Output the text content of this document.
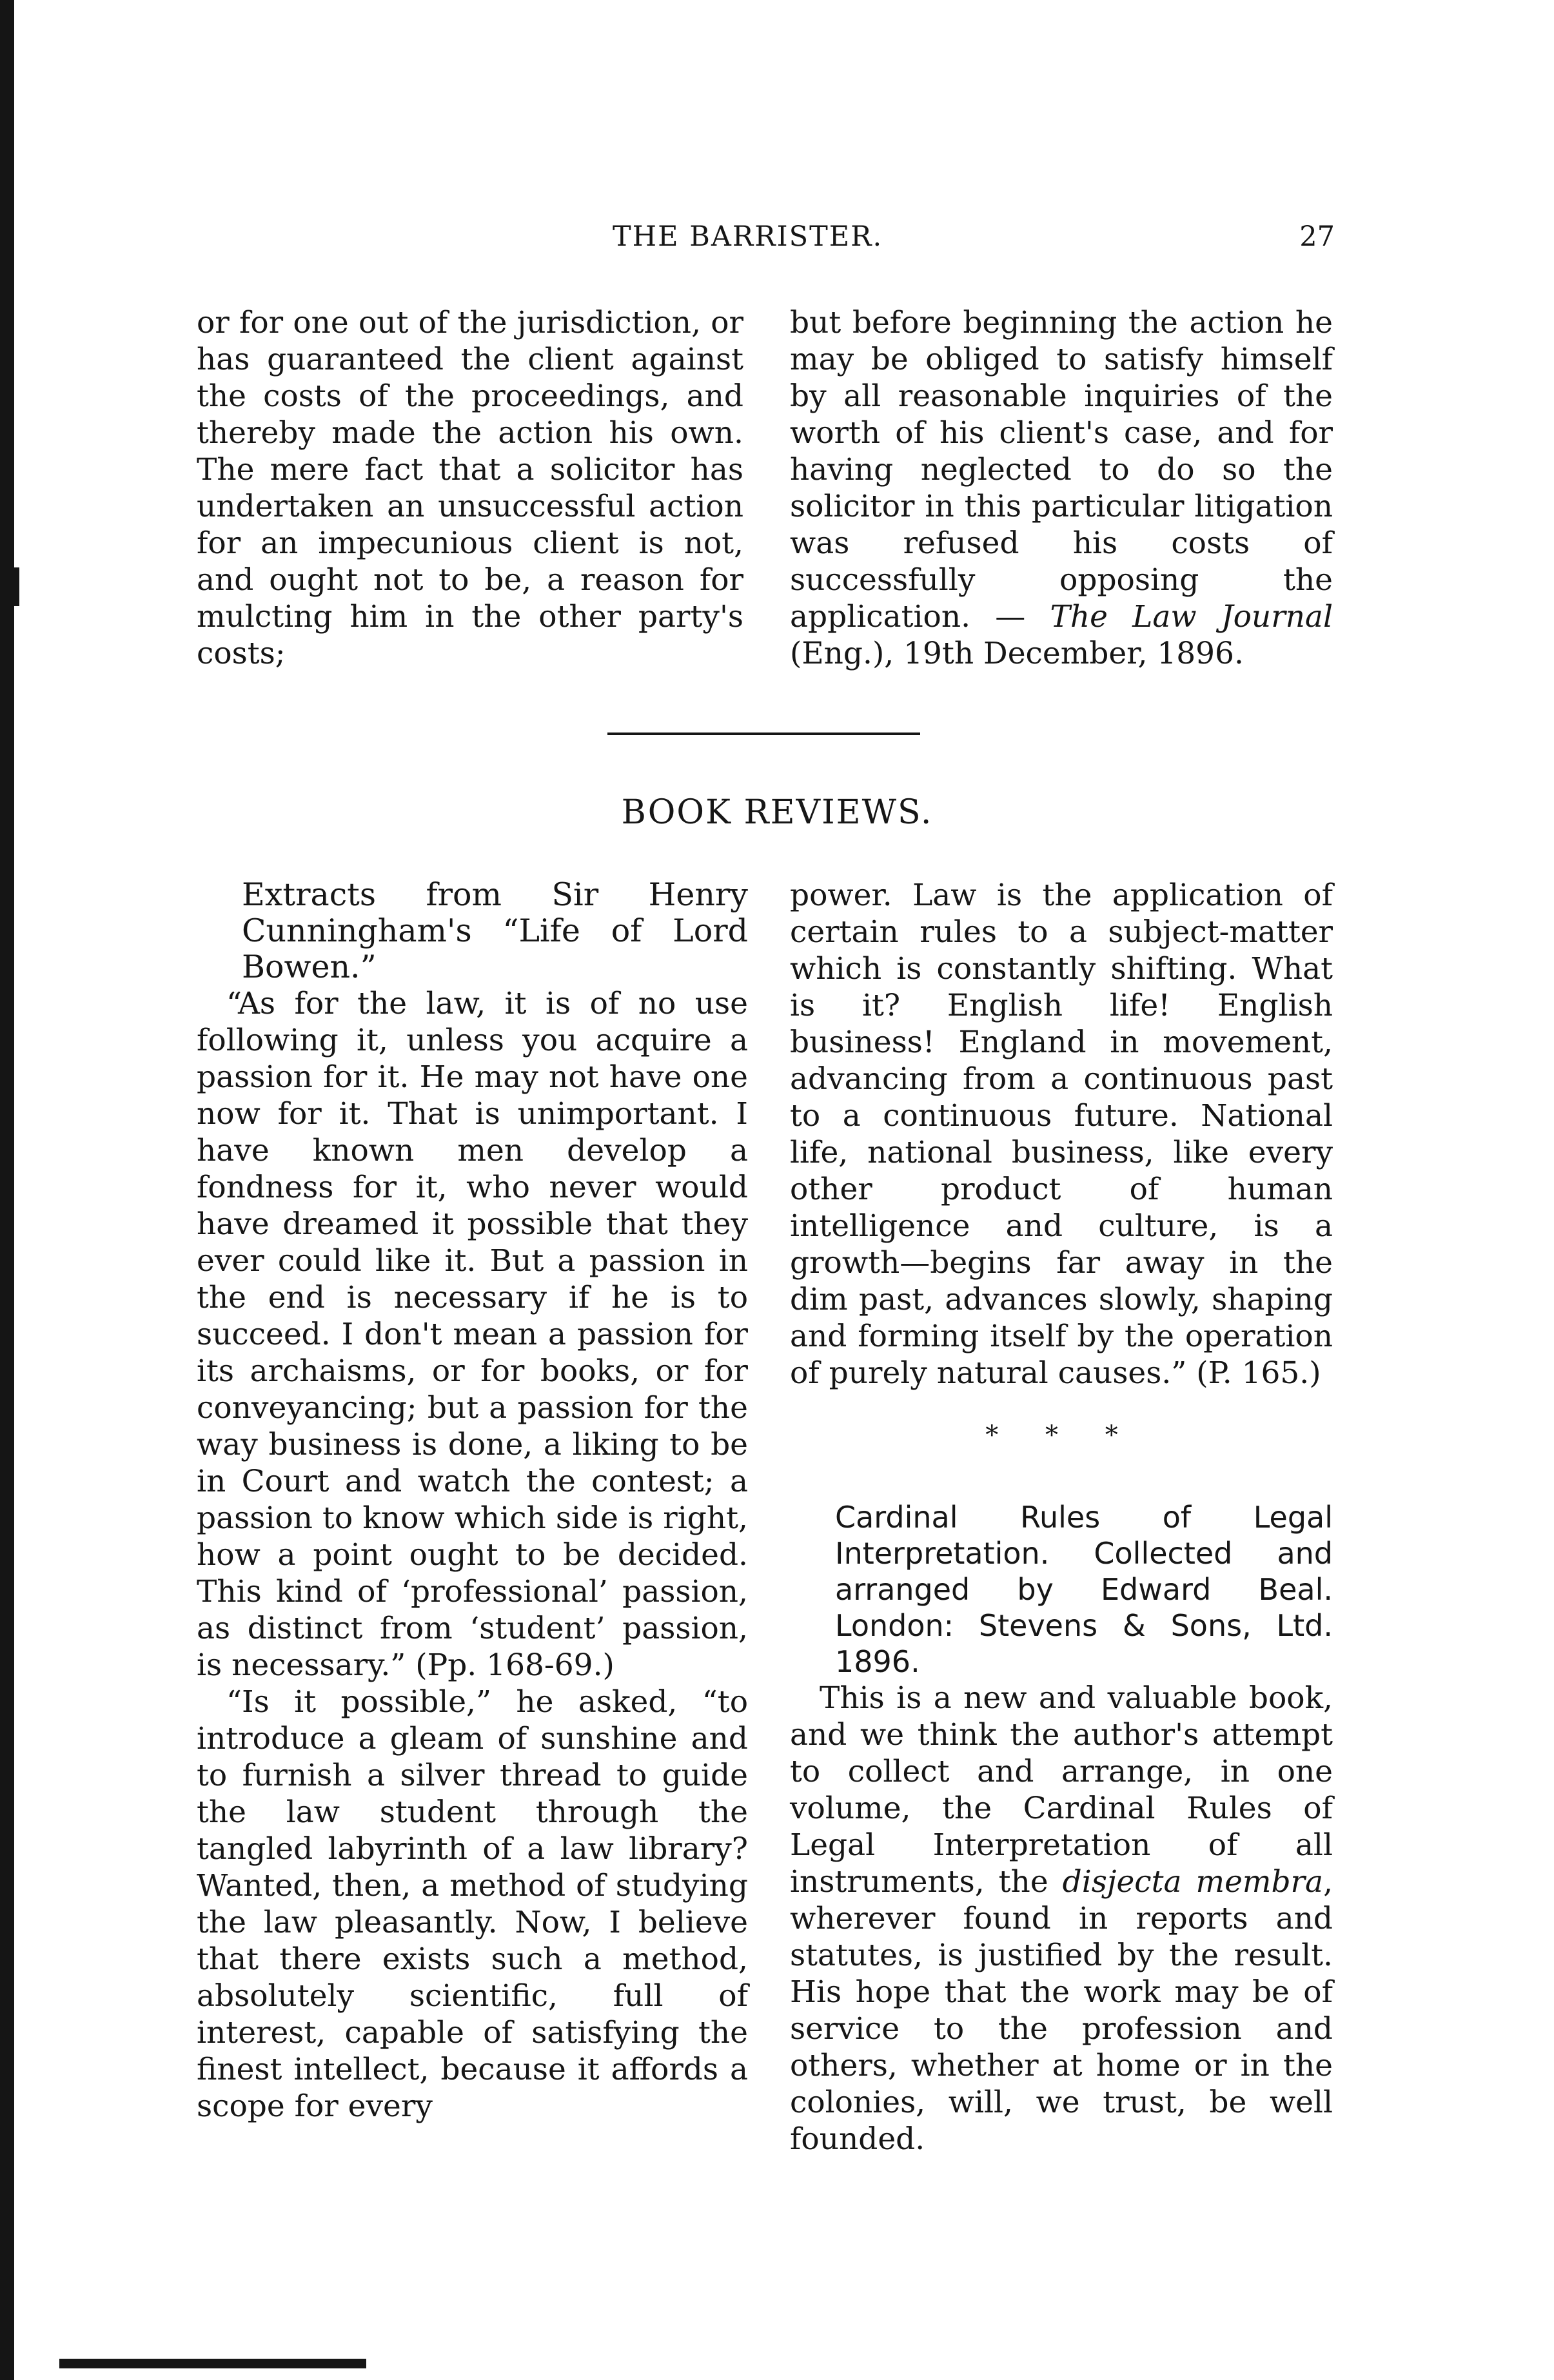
THE BARRISTER.	27

or for one out of the jurisdiction, or has guaranteed the client against the costs of the proceedings, and thereby made the action his own. The mere fact that a solicitor has undertaken an unsuccessful action for an impecunious client is not, and ought not to be, a reason for mulcting him in the other party's costs;

but before beginning the action he may be obliged to satisfy himself by all reasonable inquiries of the worth of his client's case, and for having neglected to do so the solicitor in this particular litigation was refused his costs of successfully opposing the application. — The Law Journal (Eng.), 19th December, 1896.

BOOK REVIEWS.

Extracts from Sir Henry Cunningham's “Life of Lord Bowen.”

“As for the law, it is of no use following it, unless you acquire a passion for it. He may not have one now for it. That is unimportant. I have known men develop a fondness for it, who never would have dreamed it possible that they ever could like it. But a passion in the end is necessary if he is to succeed. I don't mean a passion for its archaisms, or for books, or for conveyancing; but a passion for the way business is done, a liking to be in Court and watch the contest; a passion to know which side is right, how a point ought to be decided. This kind of ‘professional’ passion, as distinct from ‘student’ passion, is necessary.” (Pp. 168-69.)

“Is it possible,” he asked, “to introduce a gleam of sunshine and to furnish a silver thread to guide the law student through the tangled labyrinth of a law library? Wanted, then, a method of studying the law pleasantly. Now, I believe that there exists such a method, absolutely scientific, full of interest, capable of satisfying the finest intellect, because it affords a scope for every

power. Law is the application of certain rules to a subject-matter which is constantly shifting. What is it? English life! English business! England in movement, advancing from a continuous past to a continuous future. National life, national business, like every other product of human intelligence and culture, is a growth—begins far away in the dim past, advances slowly, shaping and forming itself by the operation of purely natural causes.” (P. 165.)

* * *

Cardinal Rules of Legal Interpretation. Collected and arranged by Edward Beal. London: Stevens & Sons, Ltd. 1896.

This is a new and valuable book, and we think the author's attempt to collect and arrange, in one volume, the Cardinal Rules of Legal Interpretation of all instruments, the disjecta membra, wherever found in reports and statutes, is justified by the result. His hope that the work may be of service to the profession and others, whether at home or in the colonies, will, we trust, be well founded.
